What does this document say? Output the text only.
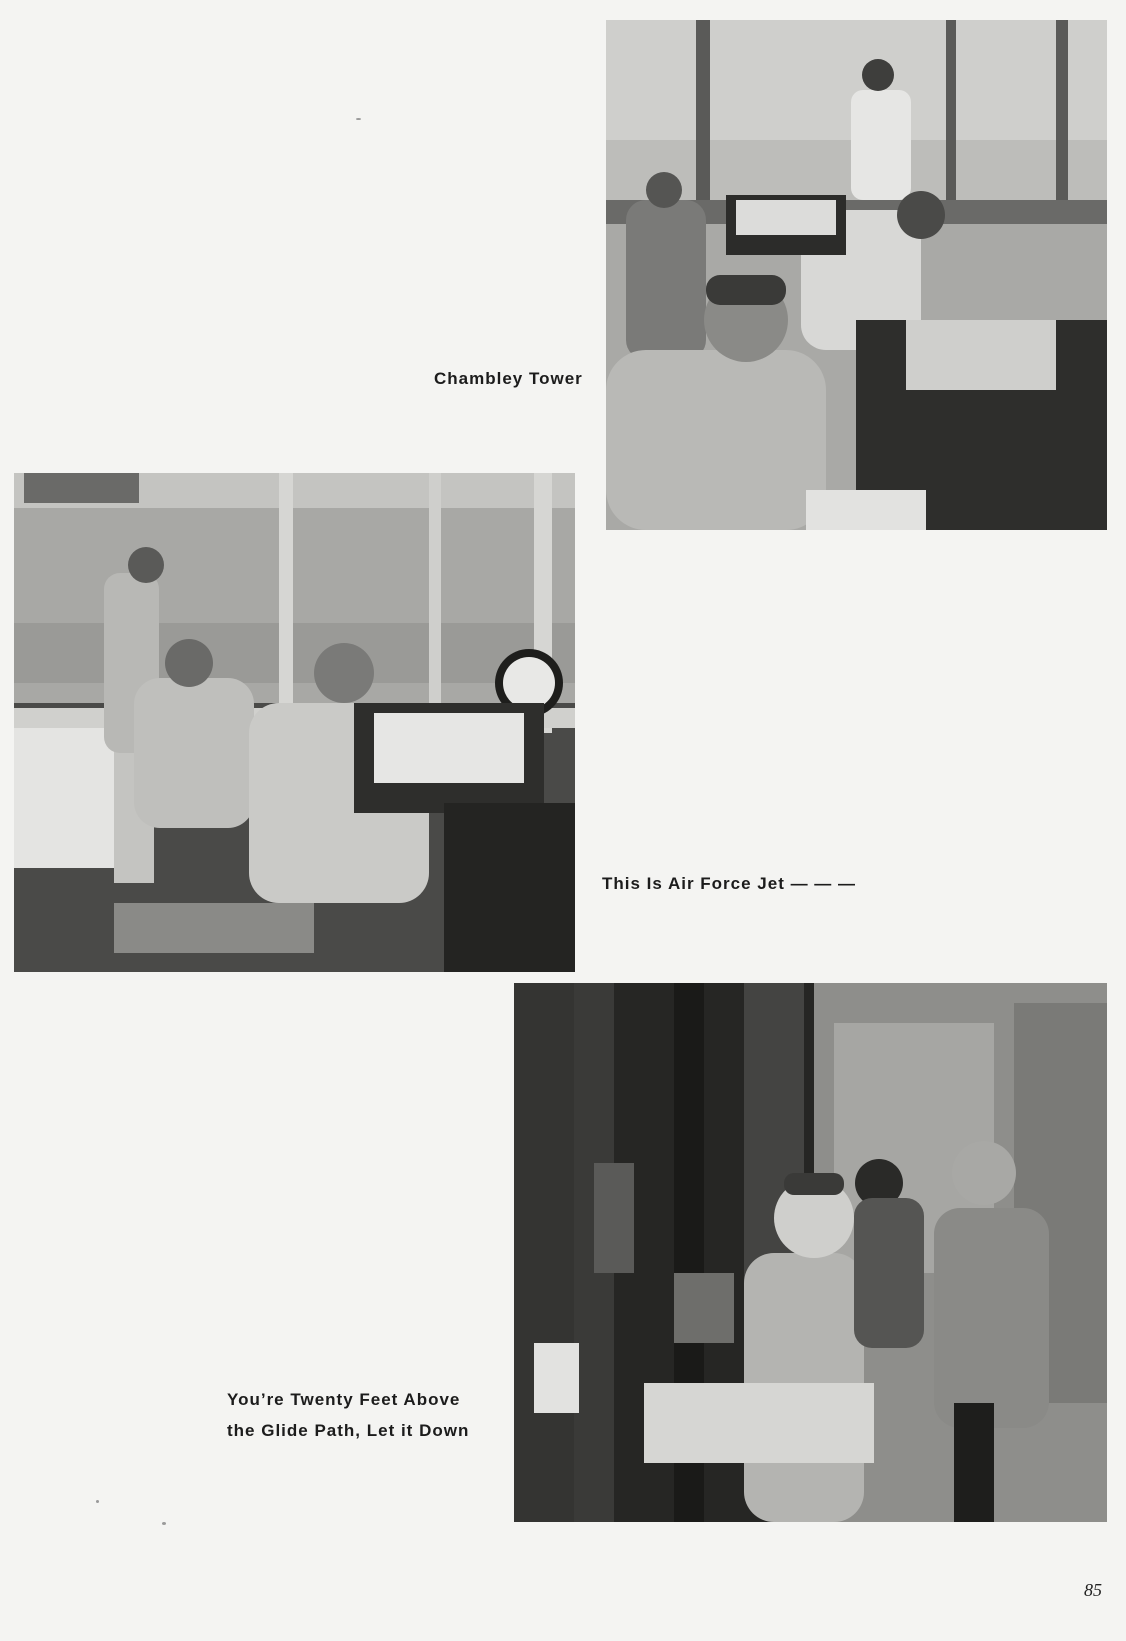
Chambley Tower
This Is Air Force Jet — — —
You’re Twenty Feet Above
the Glide Path, Let it Down
85
